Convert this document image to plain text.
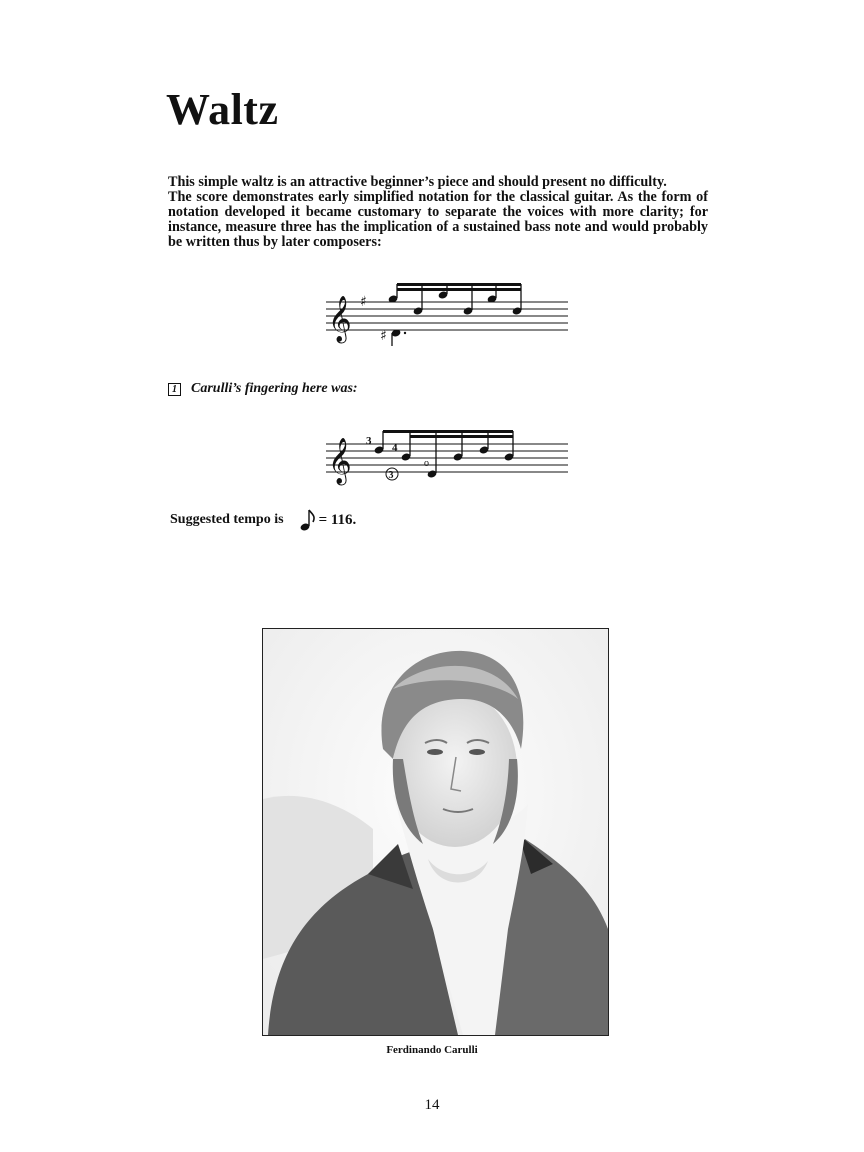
Waltz

This simple waltz is an attractive beginner’s piece and should present no difficulty.

The score demonstrates early simplified notation for the classical guitar. As the form of notation developed it became customary to separate the voices with more clarity; for instance, measure three has the implication of a sustained bass note and would probably be written thus by later composers:

𝄞 ♯
♯
1 Carulli’s fingering here was:
𝄞 3
4
3
o
Suggested tempo is = 116.
Ferdinando Carulli
14
